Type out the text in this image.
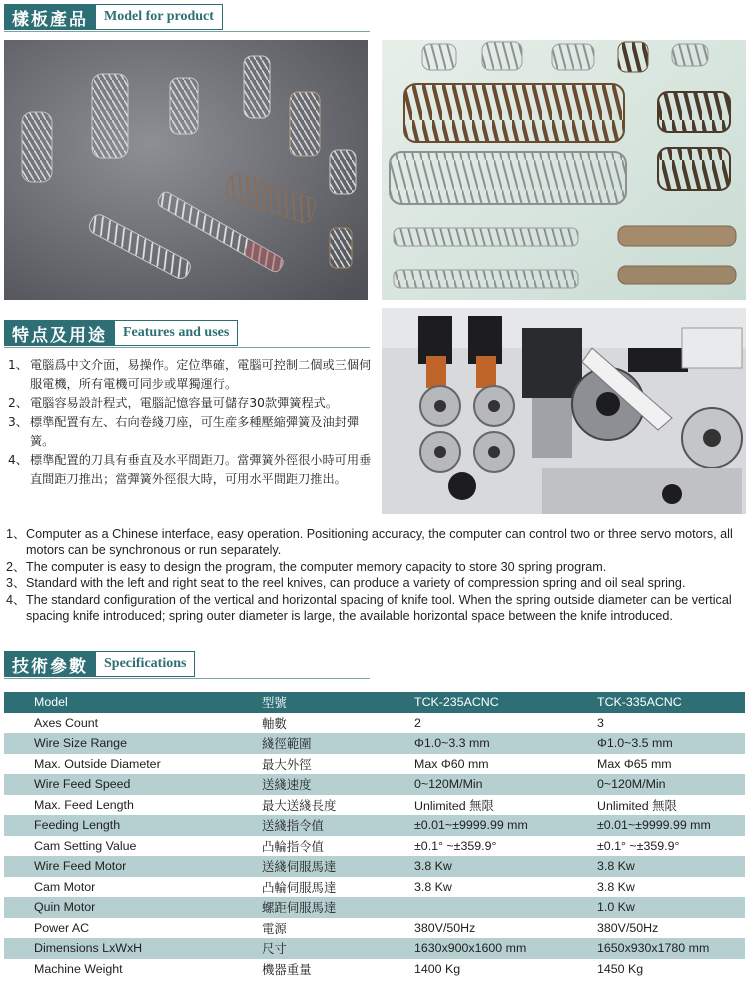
樣板產品	Model for product
特点及用途	Features and uses
1、 電腦爲中文介面，易操作。定位準確，電腦可控制二個或三個伺服電機，所有電機可同步或單獨運行。
2、 電腦容易設計程式，電腦記憶容量可儲存30款彈簧程式。
3、 標準配置有左、右向卷綫刀座，可生産多種壓縮彈簧及油封彈簧。
4、 標準配置的刀具有垂直及水平間距刀。當彈簧外徑很小時可用垂直間距刀推出；當彈簧外徑很大時，可用水平間距刀推出。
1、 Computer as a Chinese interface, easy operation. Positioning accuracy, the computer can control two or three servo motors, all motors can be synchronous or run separately.
2、 The computer is easy to design the program, the computer memory capacity to store 30 spring program.
3、 Standard with the left and right seat to the reel knives, can produce a variety of compression spring and oil seal spring.
4、 The standard configuration of the vertical and horizontal spacing of knife tool. When the spring outside diameter can be vertical spacing knife introduced; spring outer diameter is large, the available horizontal space between the knife introduced.
技術參數	Specifications
Model	型號	TCK-235ACNC	TCK-335ACNC
Axes Count	軸數	2	3
Wire Size Range	綫徑範圍	Φ1.0~3.3 mm	Φ1.0~3.5 mm
Max. Outside Diameter	最大外徑	Max Φ60 mm	Max Φ65 mm
Wire Feed Speed	送綫速度	0~120M/Min	0~120M/Min
Max. Feed Length	最大送綫長度	Unlimited 無限	Unlimited 無限
Feeding Length	送綫指令值	±0.01~±9999.99 mm	±0.01~±9999.99 mm
Cam Setting Value	凸輪指令值	±0.1° ~±359.9°	±0.1° ~±359.9°
Wire Feed Motor	送綫伺服馬達	3.8 Kw	3.8 Kw
Cam Motor	凸輪伺服馬達	3.8 Kw	3.8 Kw
Quin Motor	螺距伺服馬達		1.0 Kw
Power AC	電源	380V/50Hz	380V/50Hz
Dimensions LxWxH	尺寸	1630x900x1600 mm	1650x930x1780 mm
Machine Weight	機器重量	1400 Kg	1450 Kg
